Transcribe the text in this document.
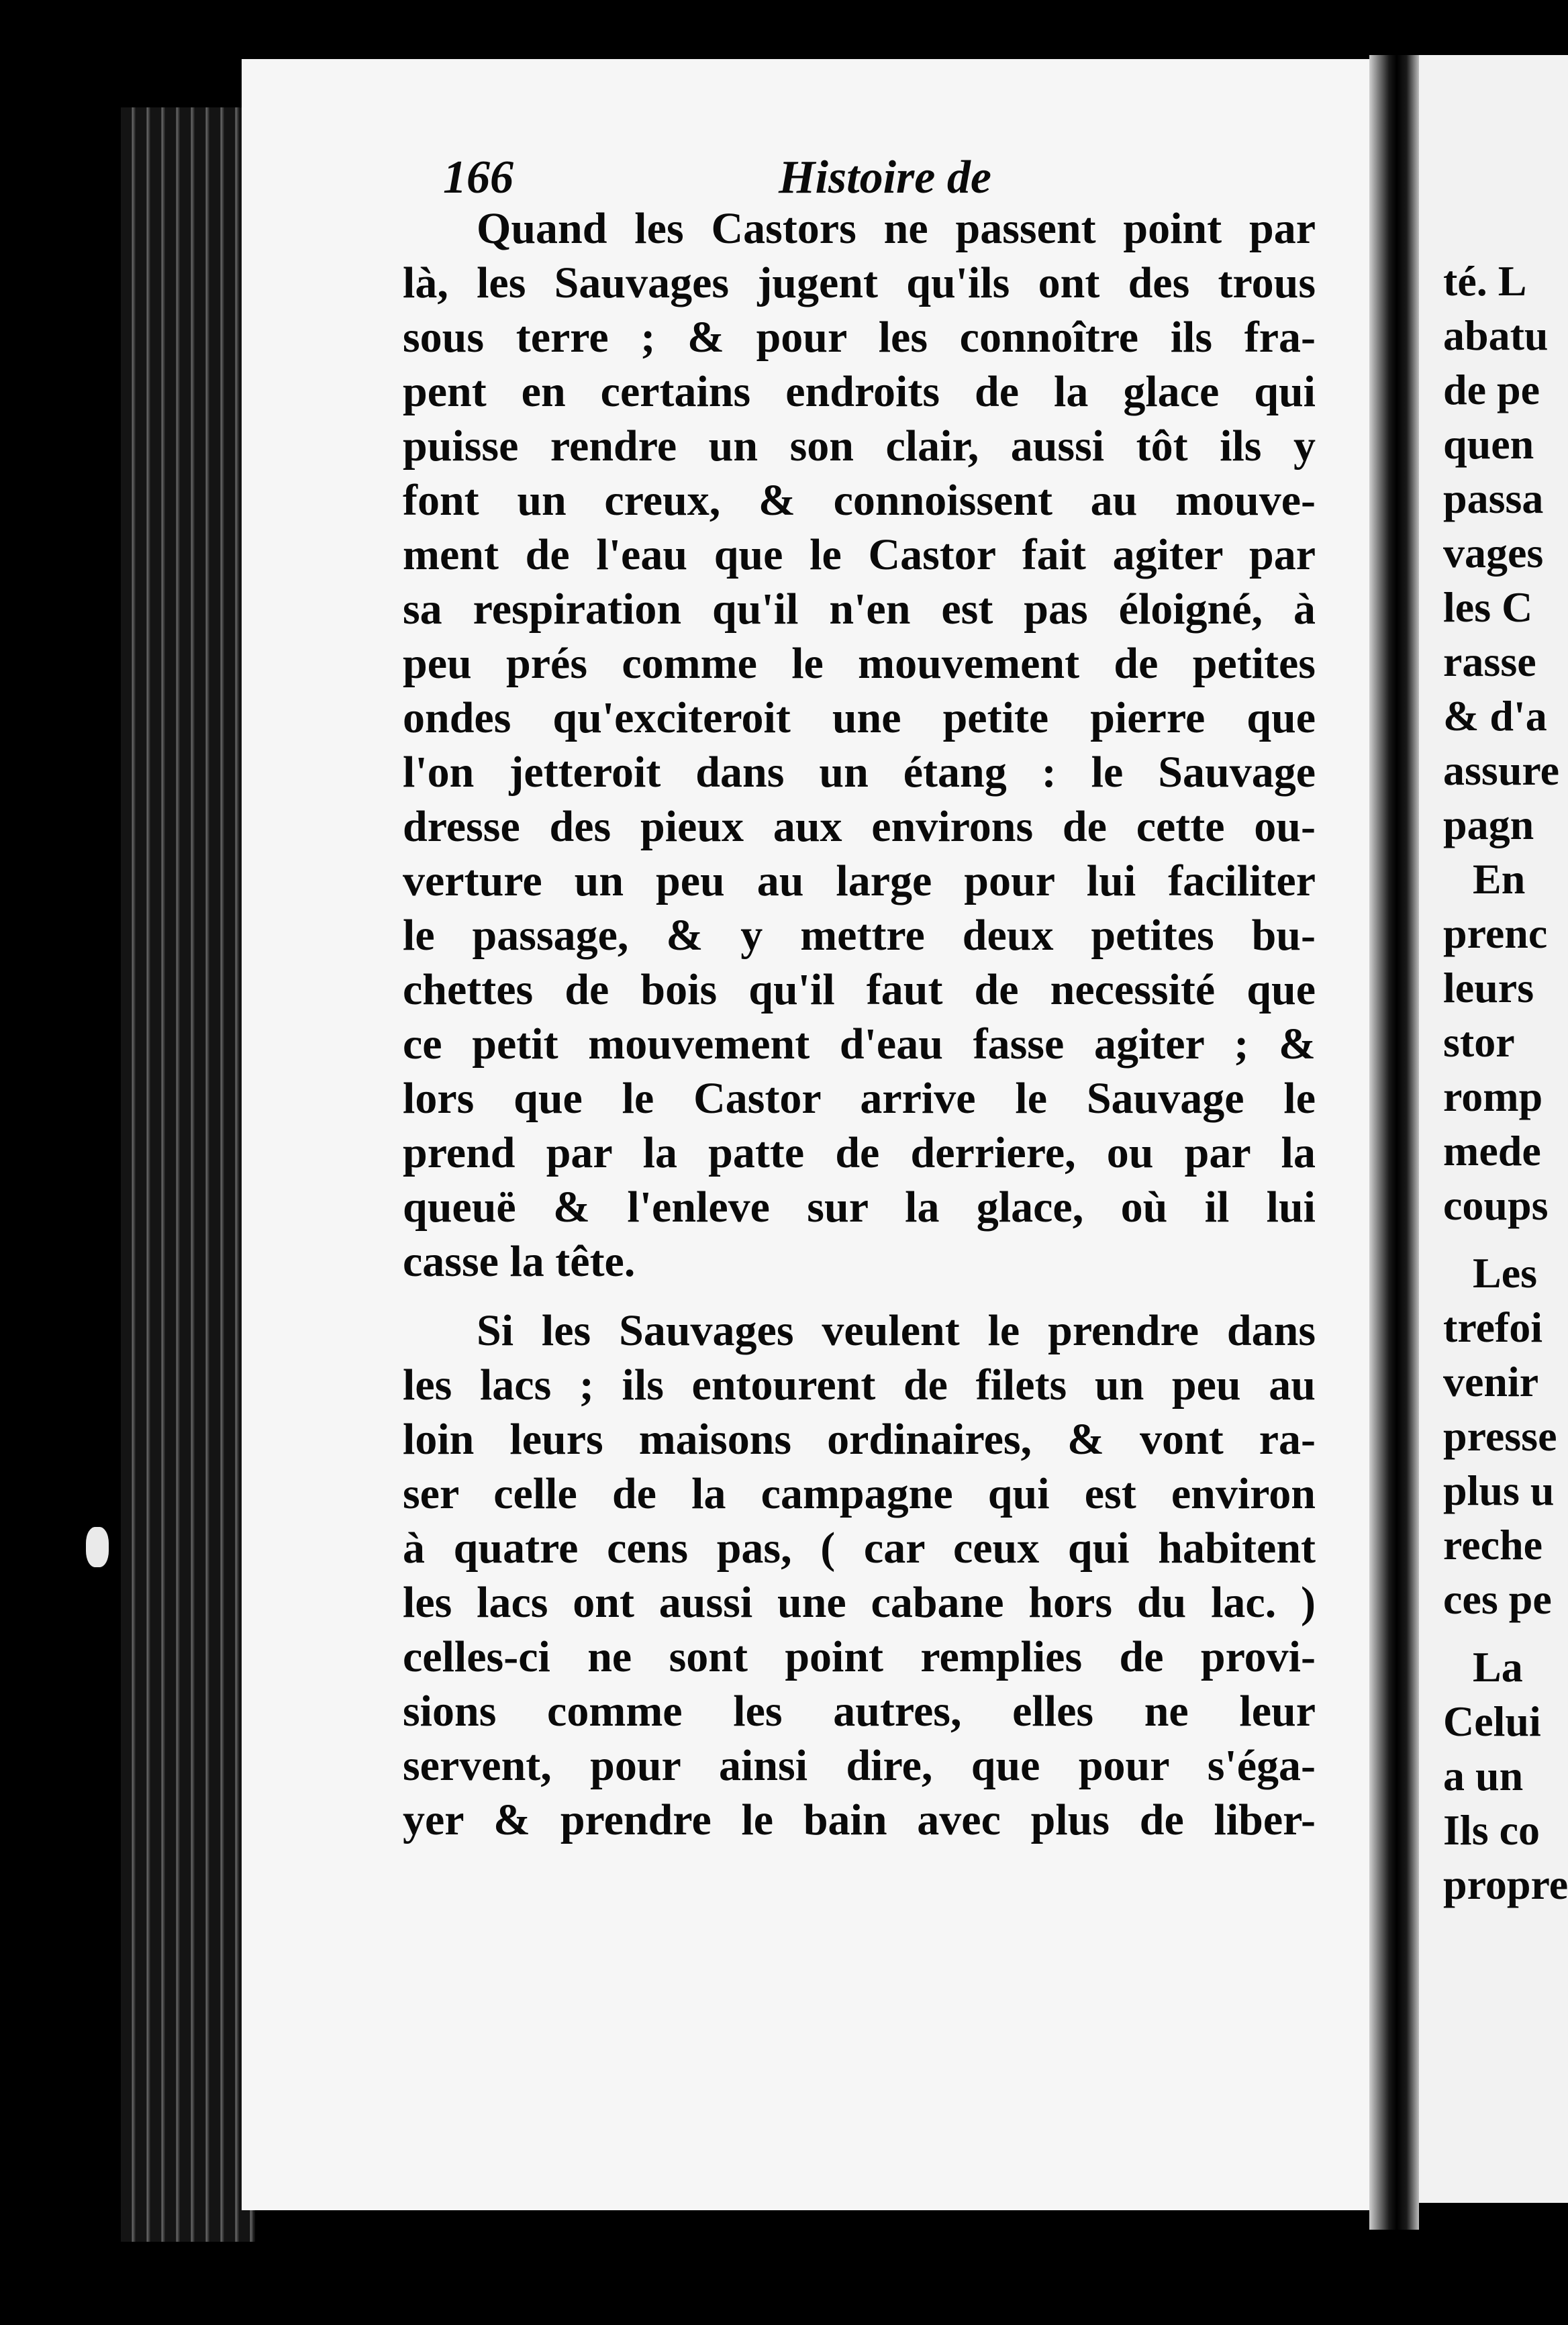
166	Histoire de
Quand les Castors ne passent point par
là, les Sauvages jugent qu'ils ont des trous
sous terre ; & pour les connoître ils fra-
pent en certains endroits de la glace qui
puisse rendre un son clair, aussi tôt ils y
font un creux, & connoissent au mouve-
ment de l'eau que le Castor fait agiter par
sa respiration qu'il n'en est pas éloigné, à
peu prés comme le mouvement de petites
ondes qu'exciteroit une petite pierre que
l'on jetteroit dans un étang : le Sauvage
dresse des pieux aux environs de cette ou-
verture un peu au large pour lui faciliter
le passage, & y mettre deux petites bu-
chettes de bois qu'il faut de necessité que
ce petit mouvement d'eau fasse agiter ; &
lors que le Castor arrive le Sauvage le
prend par la patte de derriere, ou par la
queuë & l'enleve sur la glace, où il lui
casse la tête.
Si les Sauvages veulent le prendre dans
les lacs ; ils entourent de filets un peu au
loin leurs maisons ordinaires, & vont ra-
ser celle de la campagne qui est environ
à quatre cens pas, ( car ceux qui habitent
les lacs ont aussi une cabane hors du lac. )
celles-ci ne sont point remplies de provi-
sions comme les autres, elles ne leur
servent, pour ainsi dire, que pour s'éga-
yer & prendre le bain avec plus de liber-
té. L
abatu
de pe
quen
passa
vages
les C
rasse
& d'a
assure
pagn
En
prenc
leurs
stor
romp
mede
coups
Les
trefoi
venir
presse
plus u
reche
ces pe
La
Celui
a un
Ils co
propre
